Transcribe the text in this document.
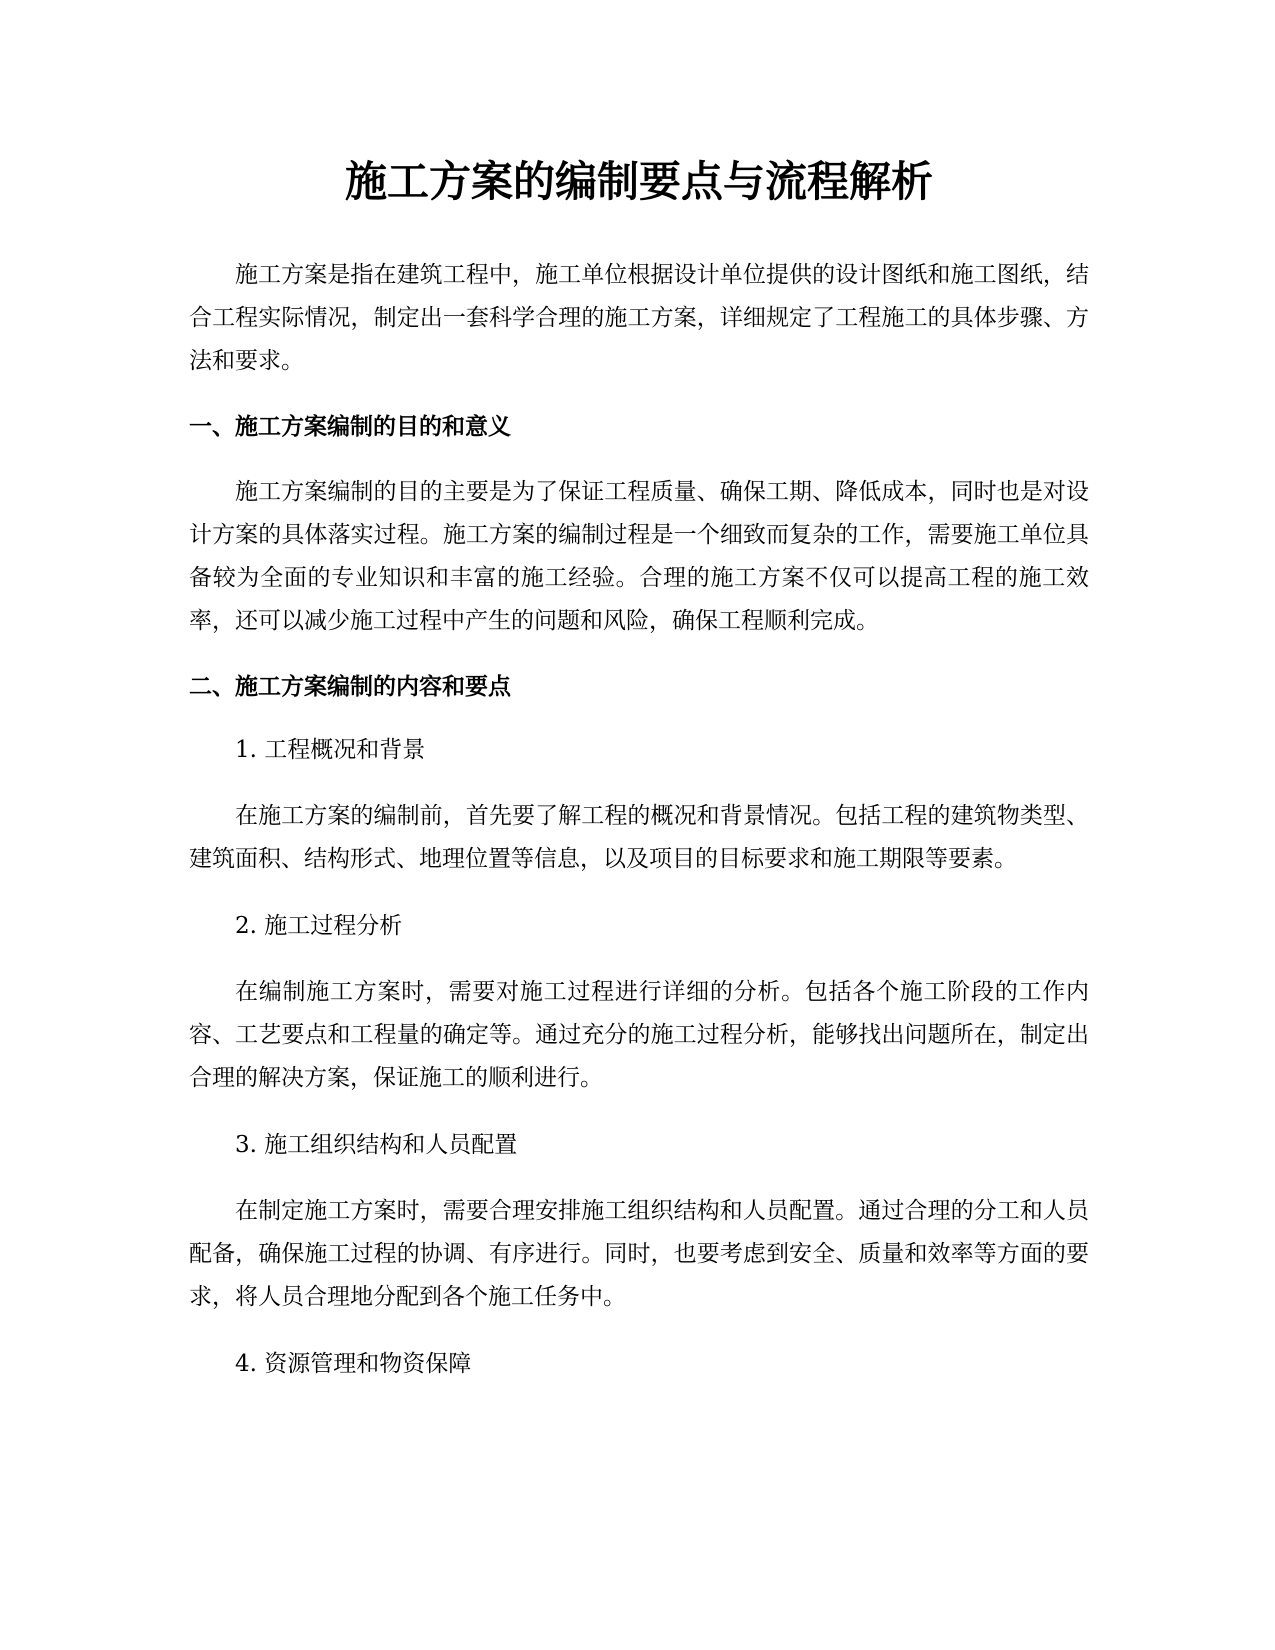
施工方案的编制要点与流程解析

施工方案是指在建筑工程中，施工单位根据设计单位提供的设计图纸和施工图纸，结合工程实际情况，制定出一套科学合理的施工方案，详细规定了工程施工的具体步骤、方法和要求。

一、施工方案编制的目的和意义

施工方案编制的目的主要是为了保证工程质量、确保工期、降低成本，同时也是对设计方案的具体落实过程。施工方案的编制过程是一个细致而复杂的工作，需要施工单位具备较为全面的专业知识和丰富的施工经验。合理的施工方案不仅可以提高工程的施工效率，还可以减少施工过程中产生的问题和风险，确保工程顺利完成。

二、施工方案编制的内容和要点

1. 工程概况和背景

在施工方案的编制前，首先要了解工程的概况和背景情况。包括工程的建筑物类型、建筑面积、结构形式、地理位置等信息，以及项目的目标要求和施工期限等要素。

2. 施工过程分析

在编制施工方案时，需要对施工过程进行详细的分析。包括各个施工阶段的工作内容、工艺要点和工程量的确定等。通过充分的施工过程分析，能够找出问题所在，制定出合理的解决方案，保证施工的顺利进行。

3. 施工组织结构和人员配置

在制定施工方案时，需要合理安排施工组织结构和人员配置。通过合理的分工和人员配备，确保施工过程的协调、有序进行。同时，也要考虑到安全、质量和效率等方面的要求，将人员合理地分配到各个施工任务中。

4. 资源管理和物资保障
